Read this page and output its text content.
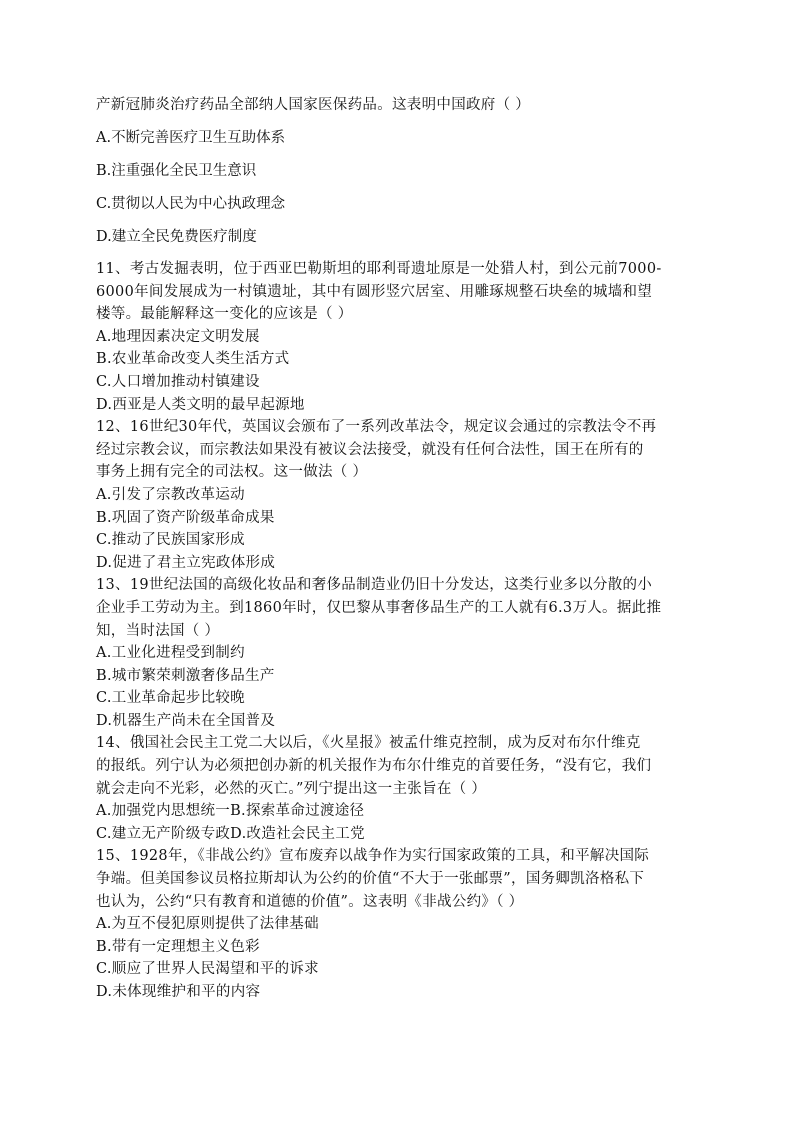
产新冠肺炎治疗药品全部纳人国家医保药品。这表明中国政府（ ）
A.不断完善医疗卫生互助体系
B.注重强化全民卫生意识
C.贯彻以人民为中心执政理念
D.建立全民免费医疗制度
11、考古发掘表明，位于西亚巴勒斯坦的耶利哥遗址原是一处猎人村，到公元前7000-
6000年间发展成为一村镇遗址，其中有圆形竖穴居室、用雕琢规整石块垒的城墙和望
楼等。最能解释这一变化的应该是（ ）
A.地理因素决定文明发展
B.农业革命改变人类生活方式
C.人口增加推动村镇建设
D.西亚是人类文明的最早起源地
12、16世纪30年代，英国议会颁布了一系列改革法令，规定议会通过的宗教法令不再
经过宗教会议，而宗教法如果没有被议会法接受，就没有任何合法性，国王在所有的
事务上拥有完全的司法权。这一做法（ ）
A.引发了宗教改革运动
B.巩固了资产阶级革命成果
C.推动了民族国家形成
D.促进了君主立宪政体形成
13、19世纪法国的高级化妆品和奢侈品制造业仍旧十分发达，这类行业多以分散的小
企业手工劳动为主。到1860年时，仅巴黎从事奢侈品生产的工人就有6.3万人。据此推
知，当时法国（ ）
A.工业化进程受到制约
B.城市繁荣刺激奢侈品生产
C.工业革命起步比较晚
D.机器生产尚未在全国普及
14、俄国社会民主工党二大以后，《火星报》被孟什维克控制，成为反对布尔什维克
的报纸。列宁认为必须把创办新的机关报作为布尔什维克的首要任务，“没有它，我们
就会走向不光彩，必然的灭亡。”列宁提出这一主张旨在（ ）
A.加强党内思想统一B.探索革命过渡途径
C.建立无产阶级专政D.改造社会民主工党
15、1928年，《非战公约》宣布废弃以战争作为实行国家政策的工具，和平解决国际
争端。但美国参议员格拉斯却认为公约的价值“不大于一张邮票”，国务卿凯洛格私下
也认为，公约“只有教育和道德的价值”。这表明《非战公约》（ ）
A.为互不侵犯原则提供了法律基础
B.带有一定理想主义色彩
C.顺应了世界人民渴望和平的诉求
D.未体现维护和平的内容
